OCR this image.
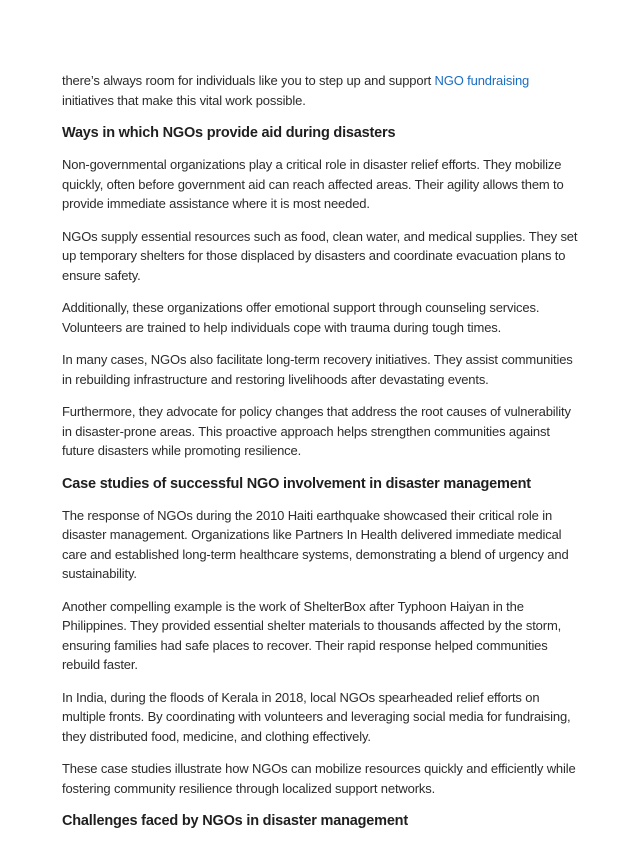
there’s always room for individuals like you to step up and support NGO fundraising initiatives that make this vital work possible.

Ways in which NGOs provide aid during disasters

Non-governmental organizations play a critical role in disaster relief efforts. They mobilize quickly, often before government aid can reach affected areas. Their agility allows them to provide immediate assistance where it is most needed.

NGOs supply essential resources such as food, clean water, and medical supplies. They set up temporary shelters for those displaced by disasters and coordinate evacuation plans to ensure safety.

Additionally, these organizations offer emotional support through counseling services. Volunteers are trained to help individuals cope with trauma during tough times.

In many cases, NGOs also facilitate long-term recovery initiatives. They assist communities in rebuilding infrastructure and restoring livelihoods after devastating events.

Furthermore, they advocate for policy changes that address the root causes of vulnerability in disaster-prone areas. This proactive approach helps strengthen communities against future disasters while promoting resilience.

Case studies of successful NGO involvement in disaster management

The response of NGOs during the 2010 Haiti earthquake showcased their critical role in disaster management. Organizations like Partners In Health delivered immediate medical care and established long-term healthcare systems, demonstrating a blend of urgency and sustainability.

Another compelling example is the work of ShelterBox after Typhoon Haiyan in the Philippines. They provided essential shelter materials to thousands affected by the storm, ensuring families had safe places to recover. Their rapid response helped communities rebuild faster.

In India, during the floods of Kerala in 2018, local NGOs spearheaded relief efforts on multiple fronts. By coordinating with volunteers and leveraging social media for fundraising, they distributed food, medicine, and clothing effectively.

These case studies illustrate how NGOs can mobilize resources quickly and efficiently while fostering community resilience through localized support networks.

Challenges faced by NGOs in disaster management
